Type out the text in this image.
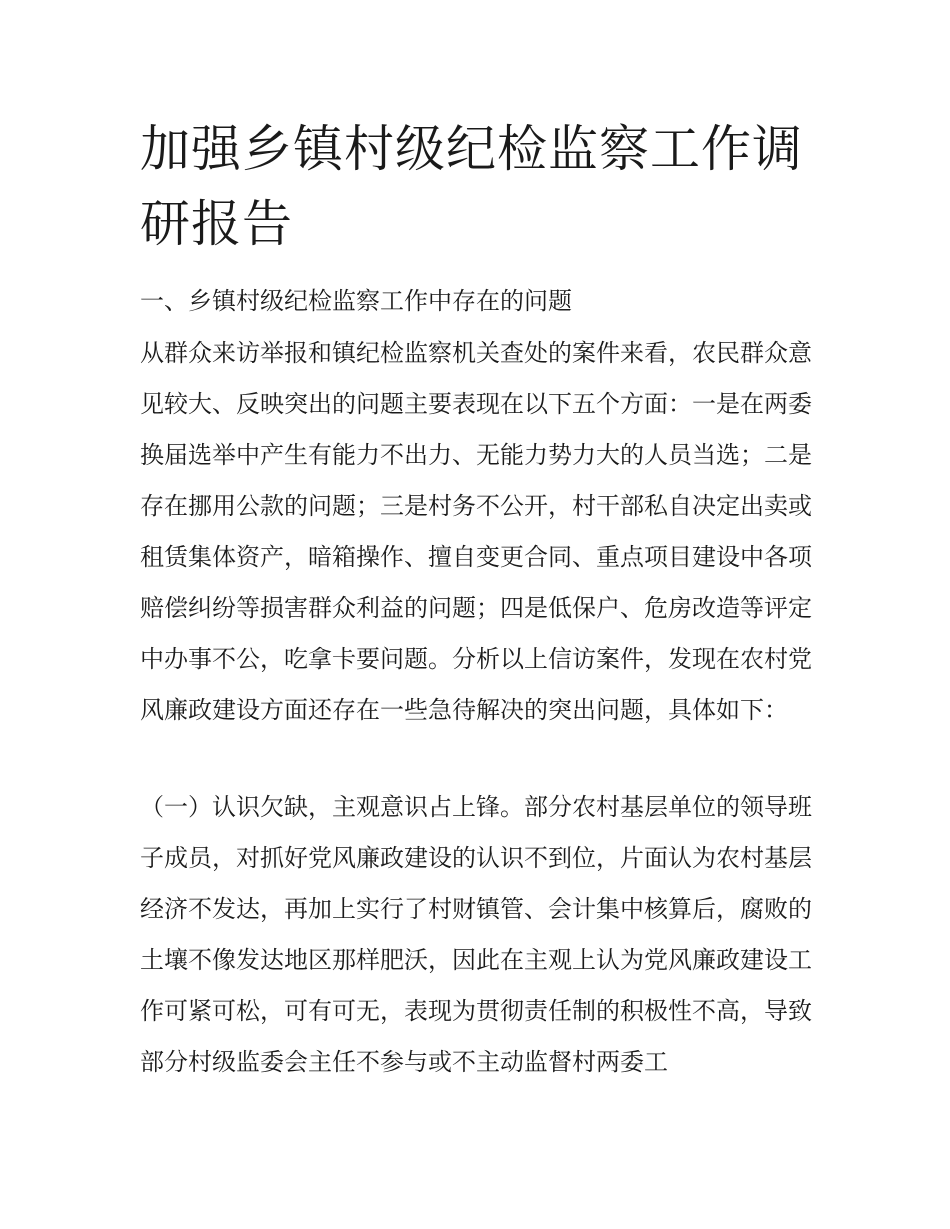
加强乡镇村级纪检监察工作调研报告

一、乡镇村级纪检监察工作中存在的问题

从群众来访举报和镇纪检监察机关查处的案件来看，农民群众意见较大、反映突出的问题主要表现在以下五个方面：一是在两委换届选举中产生有能力不出力、无能力势力大的人员当选；二是存在挪用公款的问题；三是村务不公开，村干部私自决定出卖或租赁集体资产，暗箱操作、擅自变更合同、重点项目建设中各项赔偿纠纷等损害群众利益的问题；四是低保户、危房改造等评定中办事不公，吃拿卡要问题。分析以上信访案件，发现在农村党风廉政建设方面还存在一些急待解决的突出问题，具体如下：

（一）认识欠缺，主观意识占上锋。部分农村基层单位的领导班子成员，对抓好党风廉政建设的认识不到位，片面认为农村基层经济不发达，再加上实行了村财镇管、会计集中核算后，腐败的土壤不像发达地区那样肥沃，因此在主观上认为党风廉政建设工作可紧可松，可有可无，表现为贯彻责任制的积极性不高，导致部分村级监委会主任不参与或不主动监督村两委工
